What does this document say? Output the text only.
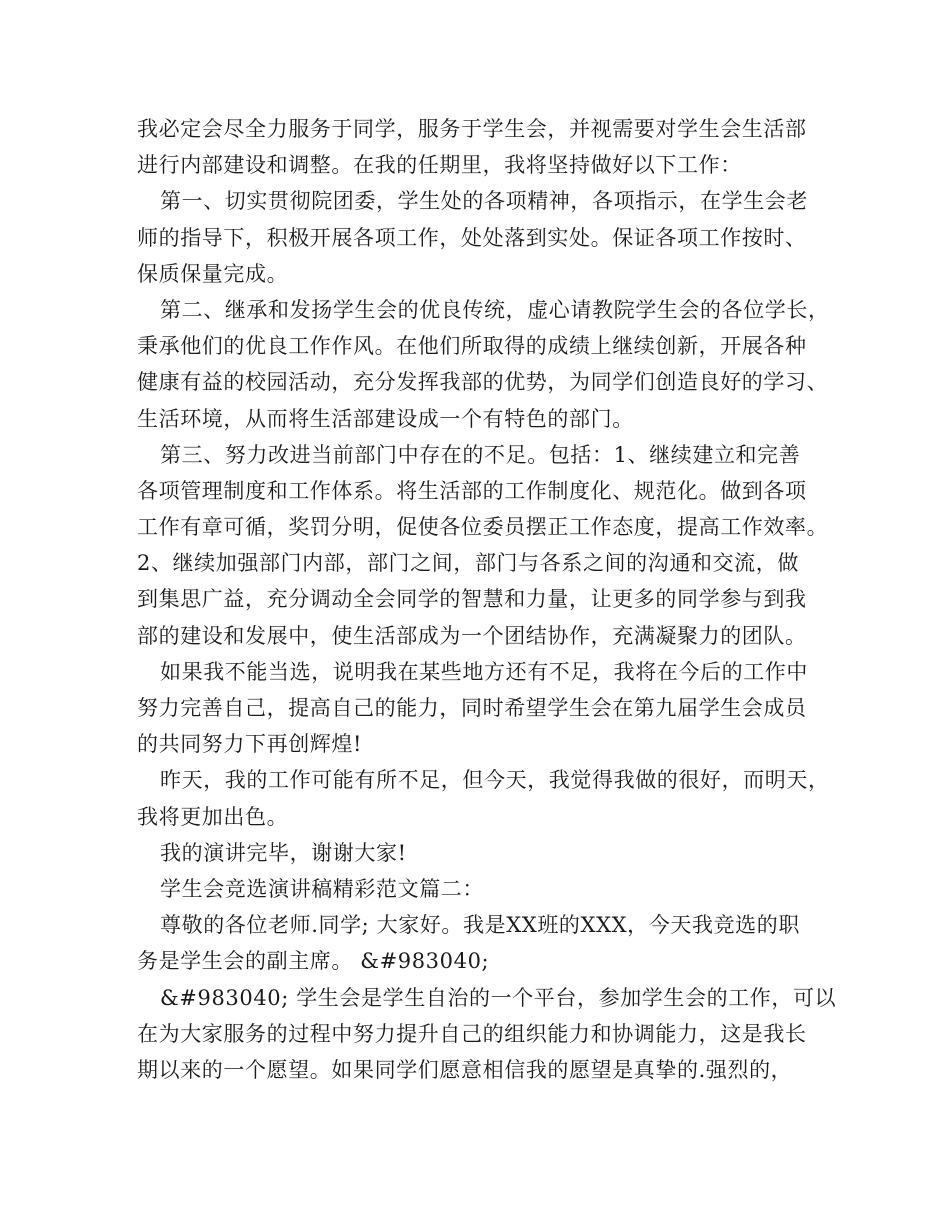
我必定会尽全力服务于同学，服务于学生会，并视需要对学生会生活部
进行内部建设和调整。在我的任期里，我将坚持做好以下工作：
第一、切实贯彻院团委，学生处的各项精神，各项指示，在学生会老
师的指导下，积极开展各项工作，处处落到实处。保证各项工作按时、
保质保量完成。
第二、继承和发扬学生会的优良传统，虚心请教院学生会的各位学长，
秉承他们的优良工作作风。在他们所取得的成绩上继续创新，开展各种
健康有益的校园活动，充分发挥我部的优势，为同学们创造良好的学习、
生活环境，从而将生活部建设成一个有特色的部门。
第三、努力改进当前部门中存在的不足。包括：1、继续建立和完善
各项管理制度和工作体系。将生活部的工作制度化、规范化。做到各项
工作有章可循，奖罚分明，促使各位委员摆正工作态度，提高工作效率。
2、继续加强部门内部，部门之间，部门与各系之间的沟通和交流，做
到集思广益，充分调动全会同学的智慧和力量，让更多的同学参与到我
部的建设和发展中，使生活部成为一个团结协作，充满凝聚力的团队。
如果我不能当选，说明我在某些地方还有不足，我将在今后的工作中
努力完善自己，提高自己的能力，同时希望学生会在第九届学生会成员
的共同努力下再创辉煌!
昨天，我的工作可能有所不足，但今天，我觉得我做的很好，而明天，
我将更加出色。
我的演讲完毕，谢谢大家!
学生会竞选演讲稿精彩范文篇二：
尊敬的各位老师.同学; 大家好。我是XX班的XXX，今天我竞选的职
务是学生会的副主席。 &#983040;
&#983040; 学生会是学生自治的一个平台，参加学生会的工作，可以
在为大家服务的过程中努力提升自己的组织能力和协调能力，这是我长
期以来的一个愿望。如果同学们愿意相信我的愿望是真挚的.强烈的，
